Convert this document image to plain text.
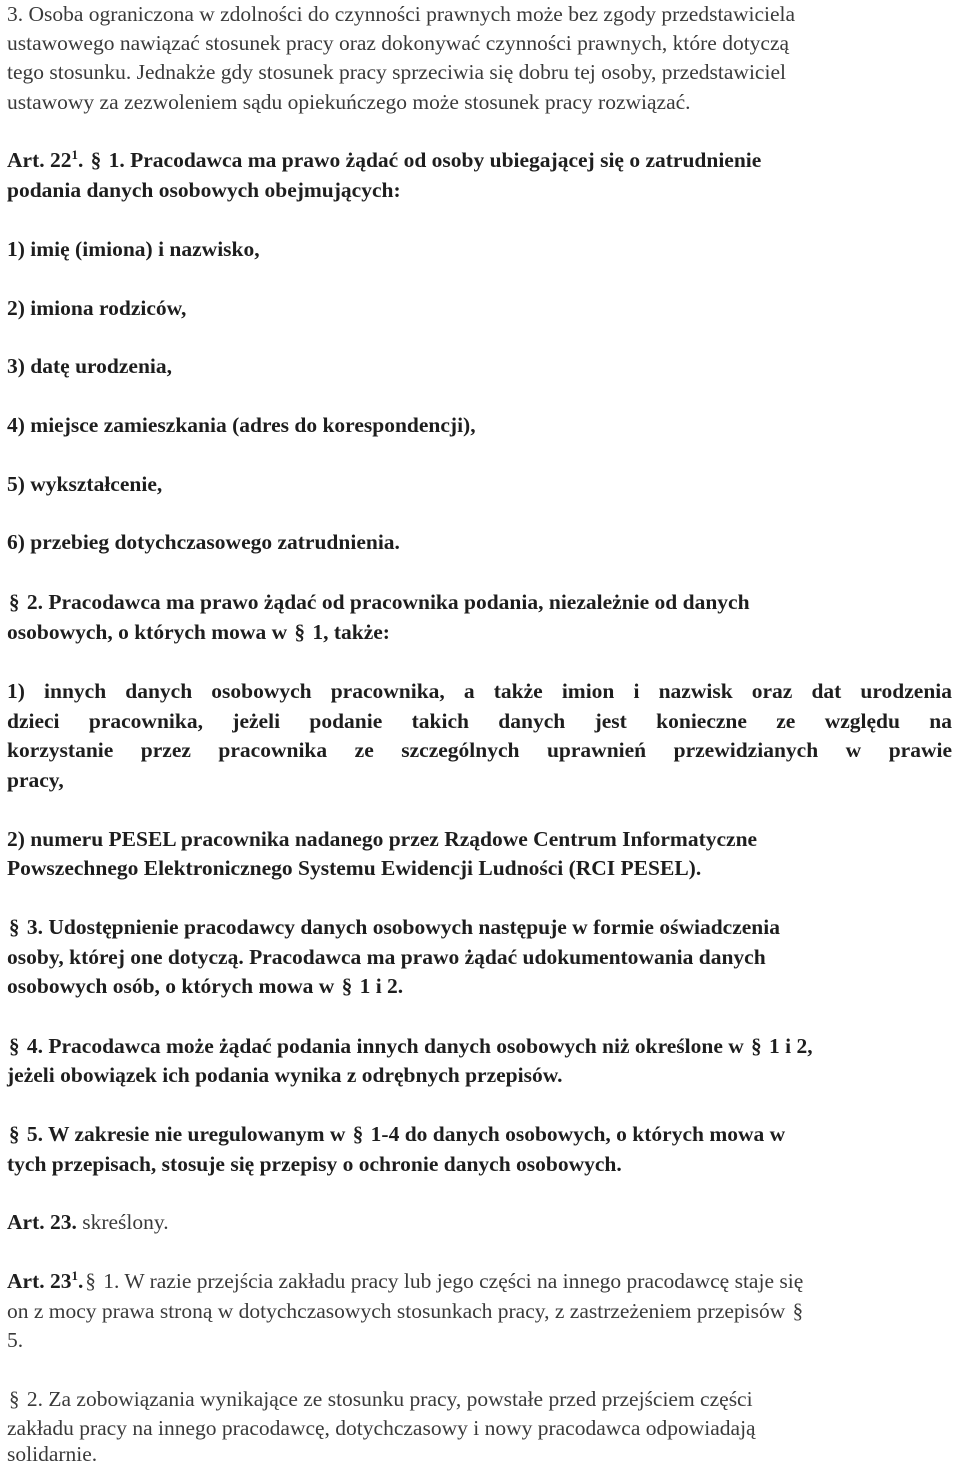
3. Osoba ograniczona w zdolności do czynności prawnych może bez zgody przedstawiciela

ustawowego nawiązać stosunek pracy oraz dokonywać czynności prawnych, które dotyczą

tego stosunku. Jednakże gdy stosunek pracy sprzeciwia się dobru tej osoby, przedstawiciel

ustawowy za zezwoleniem sądu opiekuńczego może stosunek pracy rozwiązać.

Art. $22^1$. § 1. Pracodawca ma prawo żądać od osoby ubiegającej się o zatrudnienie

podania danych osobowych obejmujących:

1) imię (imiona) i nazwisko,

2) imiona rodziców,

3) datę urodzenia,

4) miejsce zamieszkania (adres do korespondencji),

5) wykształcenie,

6) przebieg dotychczasowego zatrudnienia.

§ 2. Pracodawca ma prawo żądać od pracownika podania, niezależnie od danych

osobowych, o których mowa w § 1, także:

1) innych danych osobowych pracownika, a także imion i nazwisk oraz dat urodzenia

dzieci pracownika, jeżeli podanie takich danych jest konieczne ze względu na

korzystanie przez pracownika ze szczególnych uprawnień przewidzianych w prawie

pracy,

2) numeru PESEL pracownika nadanego przez Rządowe Centrum Informatyczne

Powszechnego Elektronicznego Systemu Ewidencji Ludności (RCI PESEL).

§ 3. Udostępnienie pracodawcy danych osobowych następuje w formie oświadczenia

osoby, której one dotyczą. Pracodawca ma prawo żądać udokumentowania danych

osobowych osób, o których mowa w § 1 i 2.

§ 4. Pracodawca może żądać podania innych danych osobowych niż określone w § 1 i 2,

jeżeli obowiązek ich podania wynika z odrębnych przepisów.

§ 5. W zakresie nie uregulowanym w § 1-4 do danych osobowych, o których mowa w

tych przepisach, stosuje się przepisy o ochronie danych osobowych.

Art. 23. skreślony.

Art. $23^1.\S$ 1. W razie przejścia zakładu pracy lub jego części na innego pracodawcę staje się

on z mocy prawa stroną w dotychczasowych stosunkach pracy, z zastrzeżeniem przepisów §

5.

§ 2. Za zobowiązania wynikające ze stosunku pracy, powstałe przed przejściem części

zakładu pracy na innego pracodawcę, dotychczasowy i nowy pracodawca odpowiadają

solidarnie.
